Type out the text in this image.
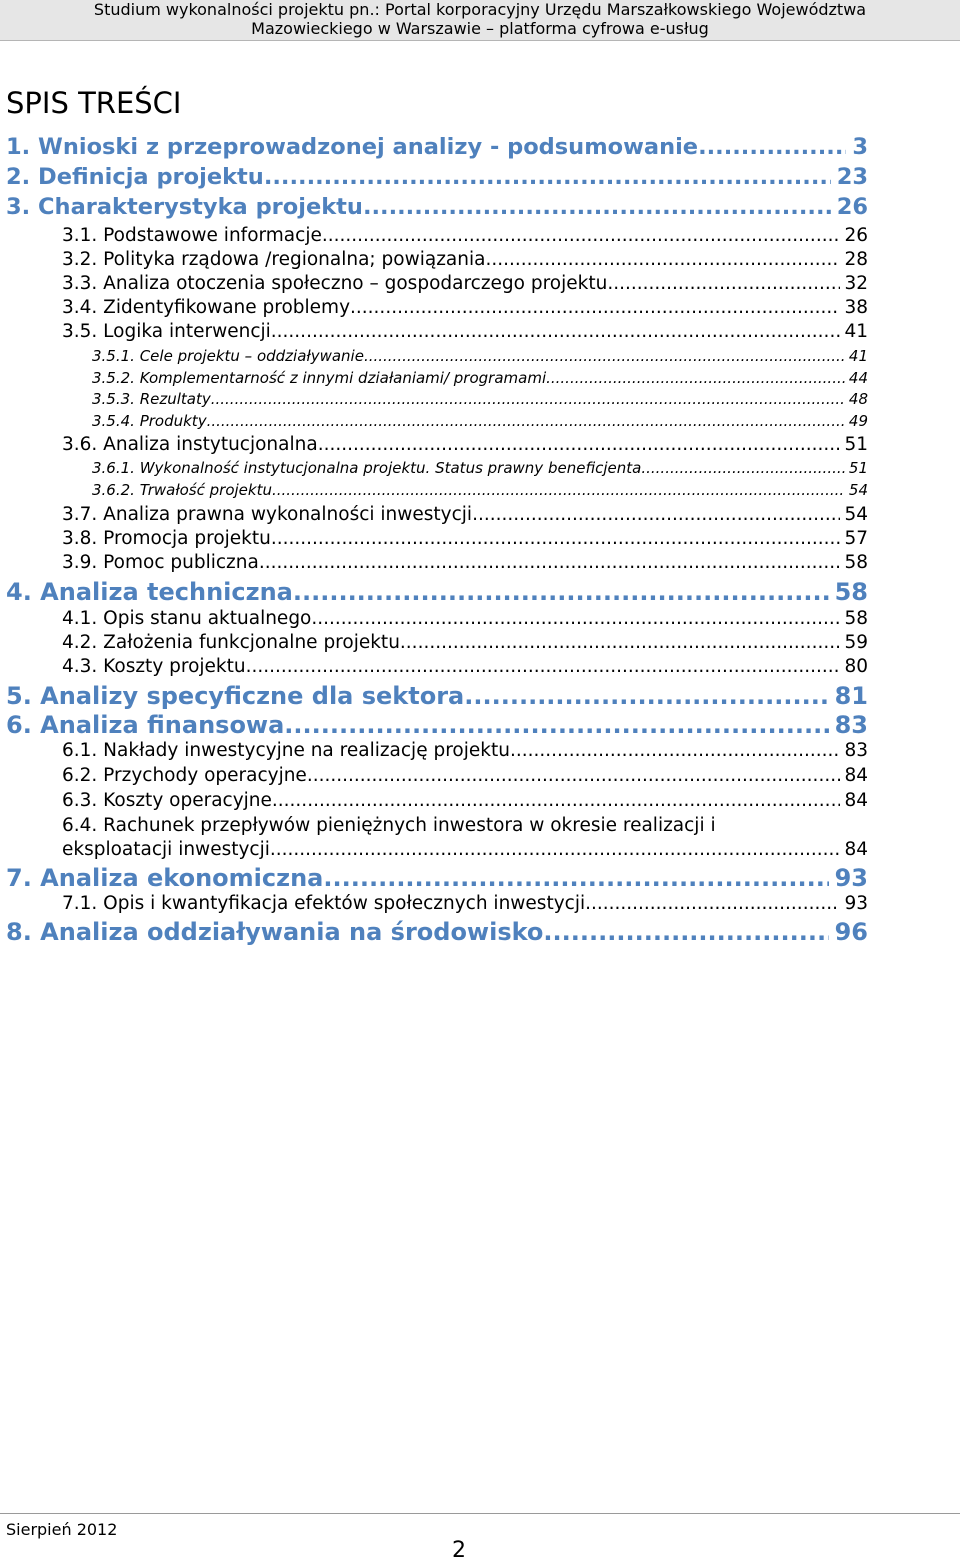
Studium wykonalności projektu pn.: Portal korporacyjny Urzędu Marszałkowskiego Województwa
Mazowieckiego w Warszawie – platforma cyfrowa e-usług
SPIS TREŚCI
1. Wnioski z przeprowadzonej analizy - podsumowanie .....	3
2. Definicja projektu .....	23
3. Charakterystyka projektu .....	26
3.1. Podstawowe informacje .....	26
3.2. Polityka rządowa /regionalna; powiązania. .....	28
3.3. Analiza otoczenia społeczno – gospodarczego projektu .....	32
3.4. Zidentyfikowane problemy .....	38
3.5. Logika interwencji .....	41
3.5.1. Cele projektu – oddziaływanie .....	41
3.5.2. Komplementarność z innymi działaniami/ programami .....	44
3.5.3. Rezultaty .....	48
3.5.4. Produkty .....	49
3.6. Analiza instytucjonalna .....	51
3.6.1. Wykonalność instytucjonalna projektu. Status prawny beneficjenta .....	51
3.6.2. Trwałość projektu .....	54
3.7. Analiza prawna wykonalności inwestycji .....	54
3.8. Promocja projektu .....	57
3.9. Pomoc publiczna .....	58
4. Analiza techniczna .....	58
4.1. Opis stanu aktualnego .....	58
4.2. Założenia funkcjonalne projektu .....	59
4.3. Koszty projektu .....	80
5. Analizy specyficzne dla sektora .....	81
6. Analiza finansowa .....	83
6.1. Nakłady inwestycyjne na realizację projektu .....	83
6.2. Przychody operacyjne .....	84
6.3. Koszty operacyjne .....	84
6.4. Rachunek przepływów pieniężnych inwestora w okresie realizacji i
eksploatacji inwestycji. .....	84
7. Analiza ekonomiczna .....	93
7.1. Opis i kwantyfikacja efektów społecznych inwestycji .....	93
8. Analiza oddziaływania na środowisko. .....	96
Sierpień 2012
2
